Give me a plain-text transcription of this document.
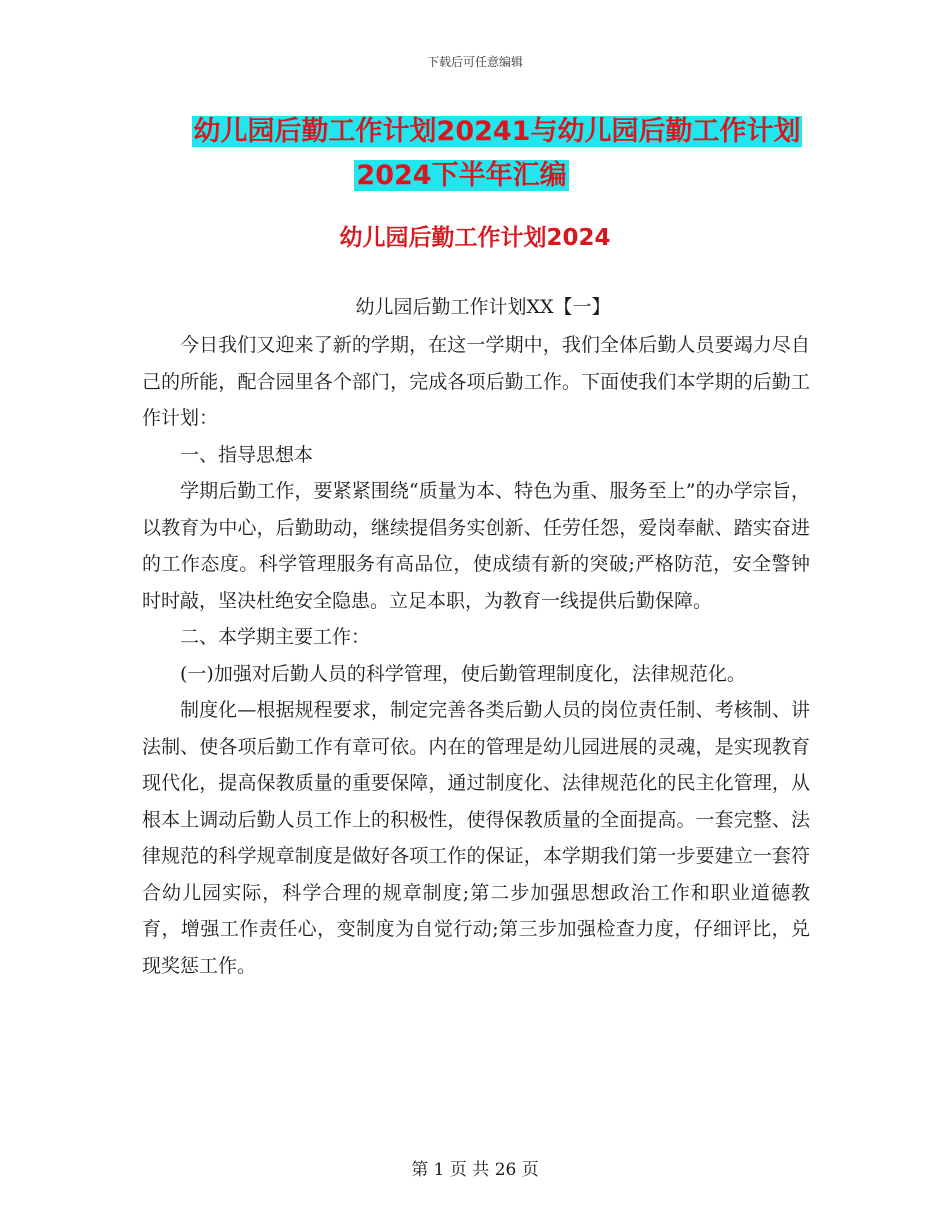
下载后可任意编辑
幼儿园后勤工作计划20241与幼儿园后勤工作计划
2024下半年汇编
幼儿园后勤工作计划2024
幼儿园后勤工作计划XX【一】

今日我们又迎来了新的学期，在这一学期中，我们全体后勤人员要竭力尽自己的所能，配合园里各个部门，完成各项后勤工作。下面使我们本学期的后勤工作计划：

一、指导思想本

学期后勤工作，要紧紧围绕“质量为本、特色为重、服务至上”的办学宗旨，以教育为中心，后勤助动，继续提倡务实创新、任劳任怨，爱岗奉献、踏实奋进的工作态度。科学管理服务有高品位，使成绩有新的突破;严格防范，安全警钟时时敲，坚决杜绝安全隐患。立足本职，为教育一线提供后勤保障。

二、本学期主要工作：

(一)加强对后勤人员的科学管理，使后勤管理制度化，法律规范化。

制度化—根据规程要求，制定完善各类后勤人员的岗位责任制、考核制、讲法制、使各项后勤工作有章可依。内在的管理是幼儿园进展的灵魂，是实现教育现代化，提高保教质量的重要保障，通过制度化、法律规范化的民主化管理，从根本上调动后勤人员工作上的积极性，使得保教质量的全面提高。一套完整、法律规范的科学规章制度是做好各项工作的保证，本学期我们第一步要建立一套符合幼儿园实际，科学合理的规章制度;第二步加强思想政治工作和职业道德教育，增强工作责任心，变制度为自觉行动;第三步加强检查力度，仔细评比，兑现奖惩工作。

第 1 页 共 26 页
